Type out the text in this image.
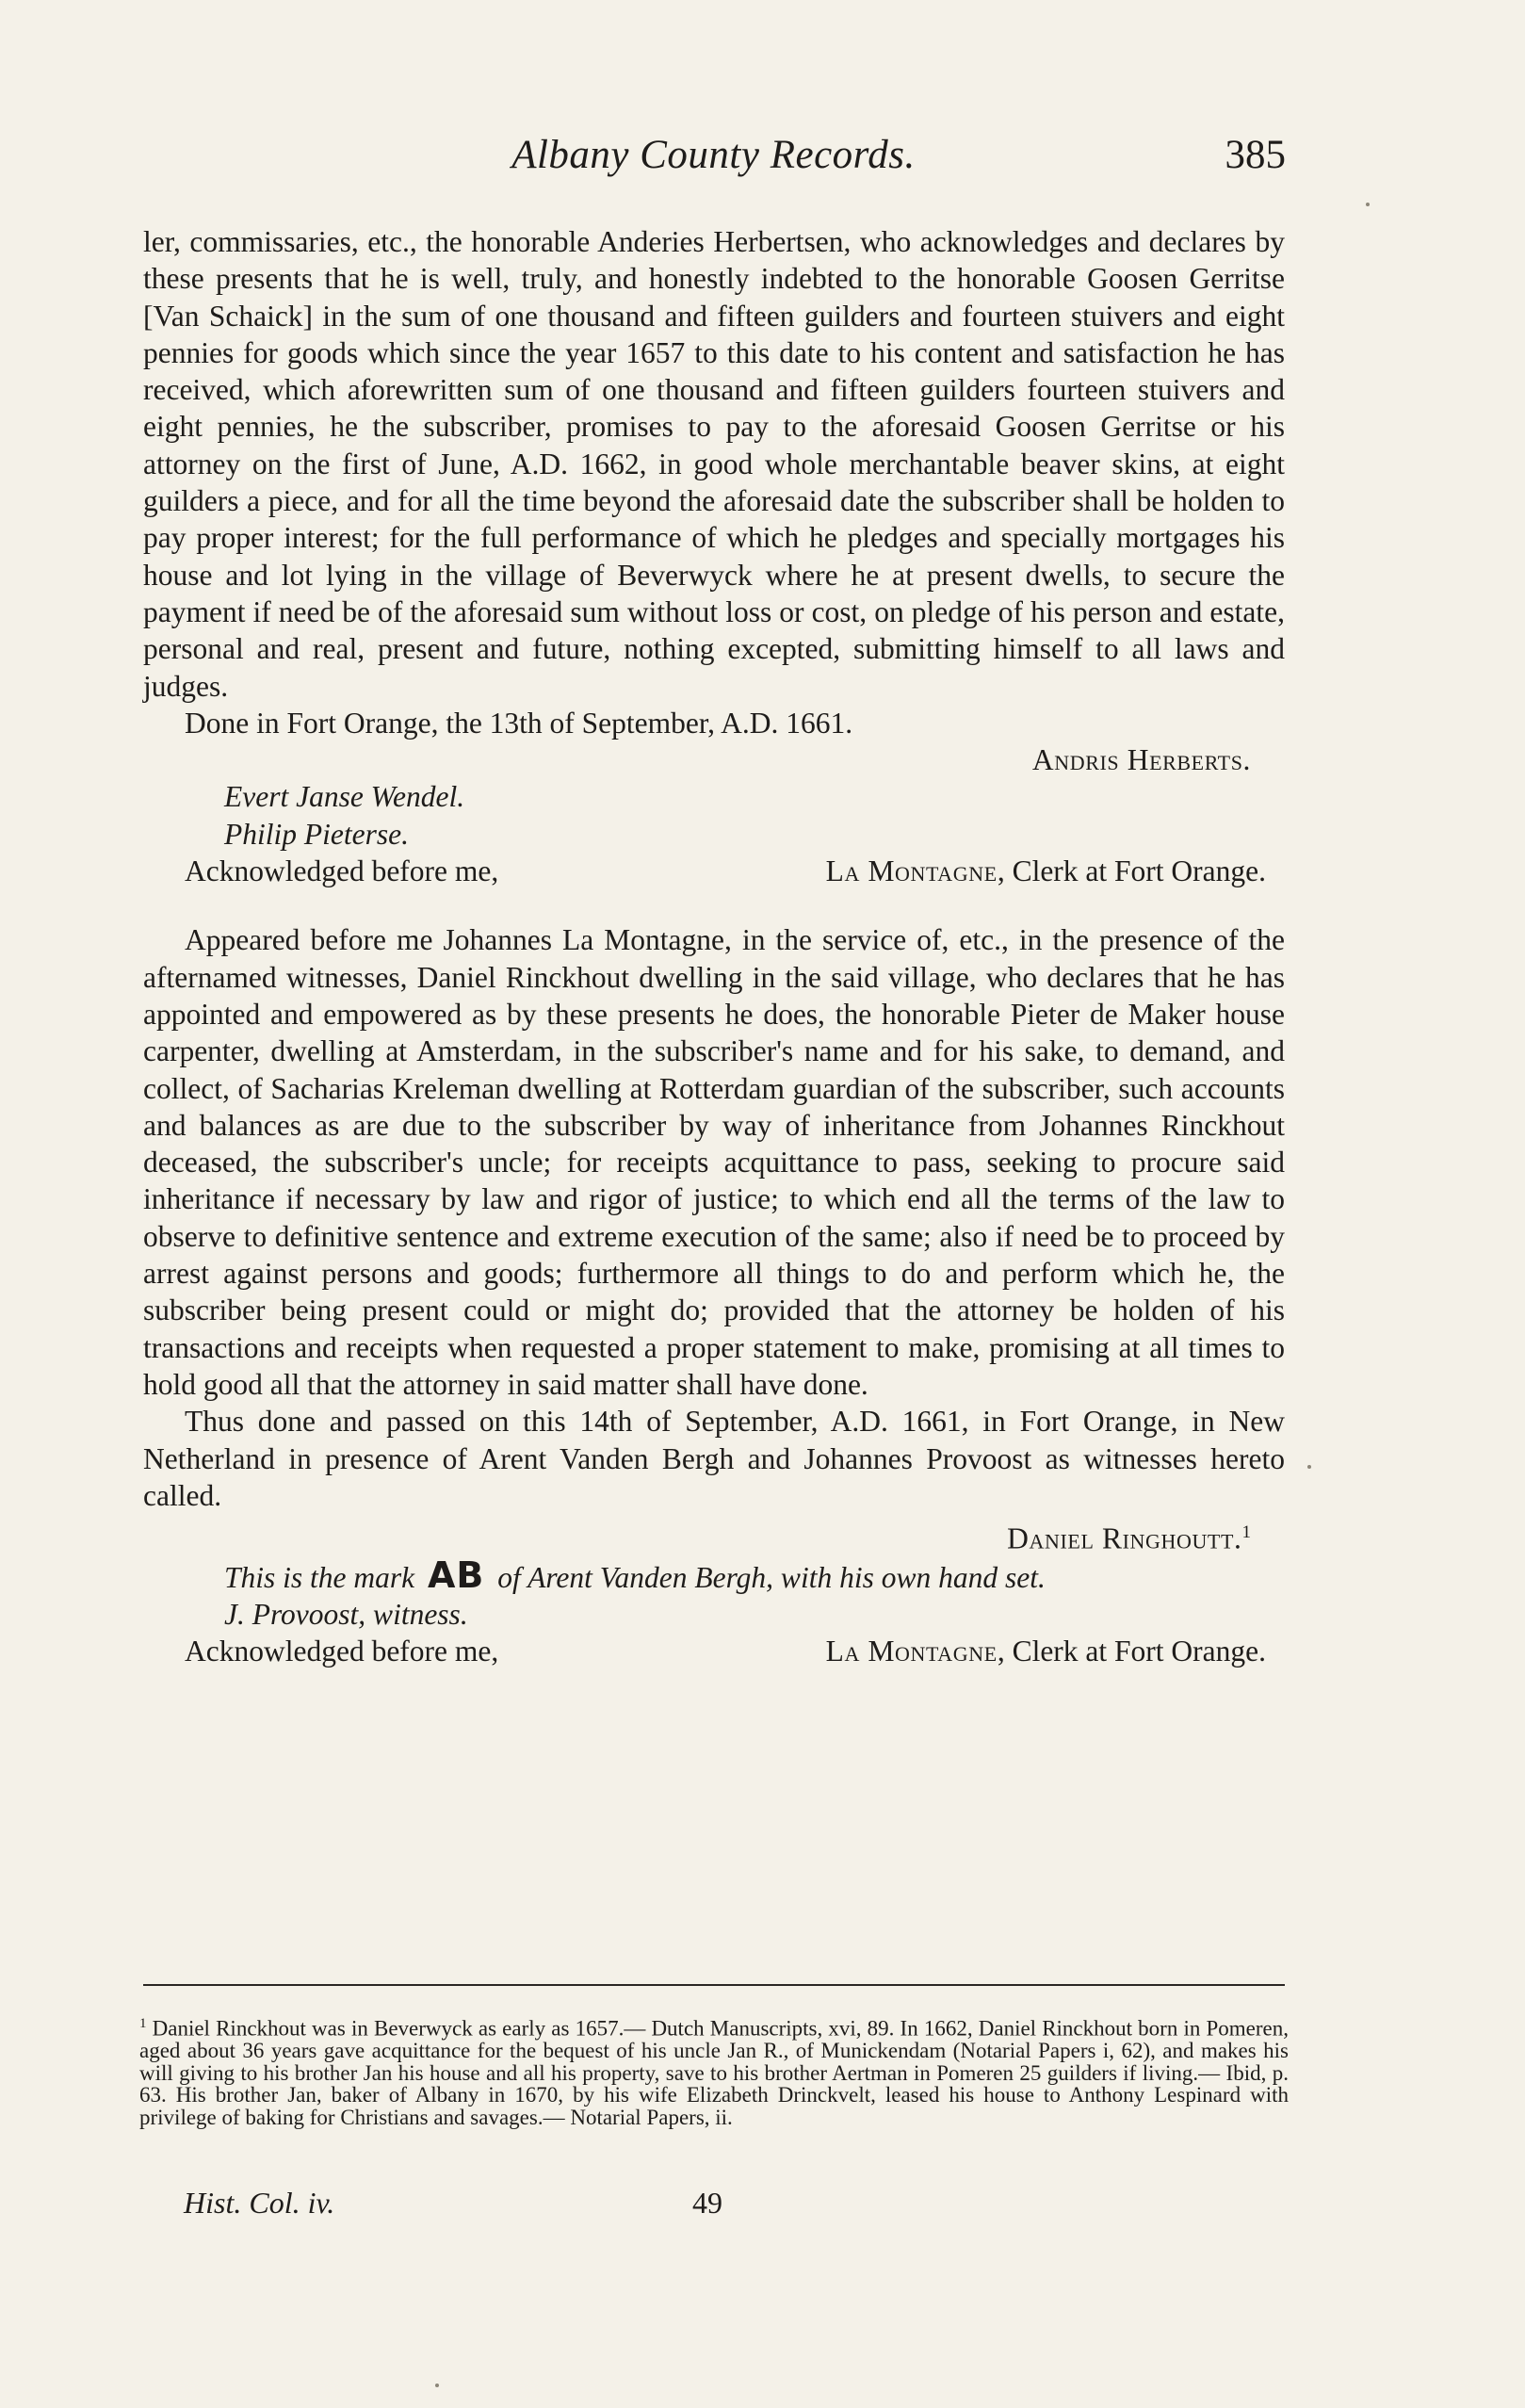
Albany County Records.	385

ler, commissaries, etc., the honorable Anderies Herbertsen, who acknowledges and declares by these presents that he is well, truly, and honestly indebted to the honorable Goosen Gerritse [Van Schaick] in the sum of one thousand and fifteen guilders and fourteen stuivers and eight pennies for goods which since the year 1657 to this date to his content and satisfaction he has received, which aforewritten sum of one thousand and fifteen guilders fourteen stuivers and eight pennies, he the subscriber, promises to pay to the aforesaid Goosen Gerritse or his attorney on the first of June, A.D. 1662, in good whole merchantable beaver skins, at eight guilders a piece, and for all the time beyond the aforesaid date the subscriber shall be holden to pay proper interest; for the full performance of which he pledges and specially mortgages his house and lot lying in the village of Beverwyck where he at present dwells, to secure the payment if need be of the aforesaid sum without loss or cost, on pledge of his person and estate, personal and real, present and future, nothing excepted, submitting himself to all laws and judges.

Done in Fort Orange, the 13th of September, A.D. 1661.

Andris Herberts.

Evert Janse Wendel.

Philip Pieterse.

Acknowledged before me,	La Montagne, Clerk at Fort Orange.

Appeared before me Johannes La Montagne, in the service of, etc., in the presence of the afternamed witnesses, Daniel Rinckhout dwelling in the said village, who declares that he has appointed and empowered as by these presents he does, the honorable Pieter de Maker house carpenter, dwelling at Amsterdam, in the subscriber's name and for his sake, to demand, and collect, of Sacharias Kreleman dwelling at Rotterdam guardian of the subscriber, such accounts and balances as are due to the subscriber by way of inheritance from Johannes Rinckhout deceased, the subscriber's uncle; for receipts acquittance to pass, seeking to procure said inheritance if necessary by law and rigor of justice; to which end all the terms of the law to observe to definitive sentence and extreme execution of the same; also if need be to proceed by arrest against persons and goods; furthermore all things to do and perform which he, the subscriber being present could or might do; provided that the attorney be holden of his transactions and receipts when requested a proper statement to make, promising at all times to hold good all that the attorney in said matter shall have done.

Thus done and passed on this 14th of September, A.D. 1661, in Fort Orange, in New Netherland in presence of Arent Vanden Bergh and Johannes Provoost as witnesses hereto called.

Daniel Ringhoutt.$^1$

This is the mark AB of Arent Vanden Bergh, with his own hand set.

J. Provoost, witness.

Acknowledged before me,	La Montagne, Clerk at Fort Orange.
$^1$ Daniel Rinckhout was in Beverwyck as early as 1657.— Dutch Manuscripts, xvi, 89. In 1662, Daniel Rinckhout born in Pomeren, aged about 36 years gave acquittance for the bequest of his uncle Jan R., of Munickendam (Notarial Papers i, 62), and makes his will giving to his brother Jan his house and all his property, save to his brother Aertman in Pomeren 25 guilders if living.— Ibid, p. 63. His brother Jan, baker of Albany in 1670, by his wife Elizabeth Drinckvelt, leased his house to Anthony Lespinard with privilege of baking for Christians and savages.— Notarial Papers, ii.
Hist. Col. iv.	49
